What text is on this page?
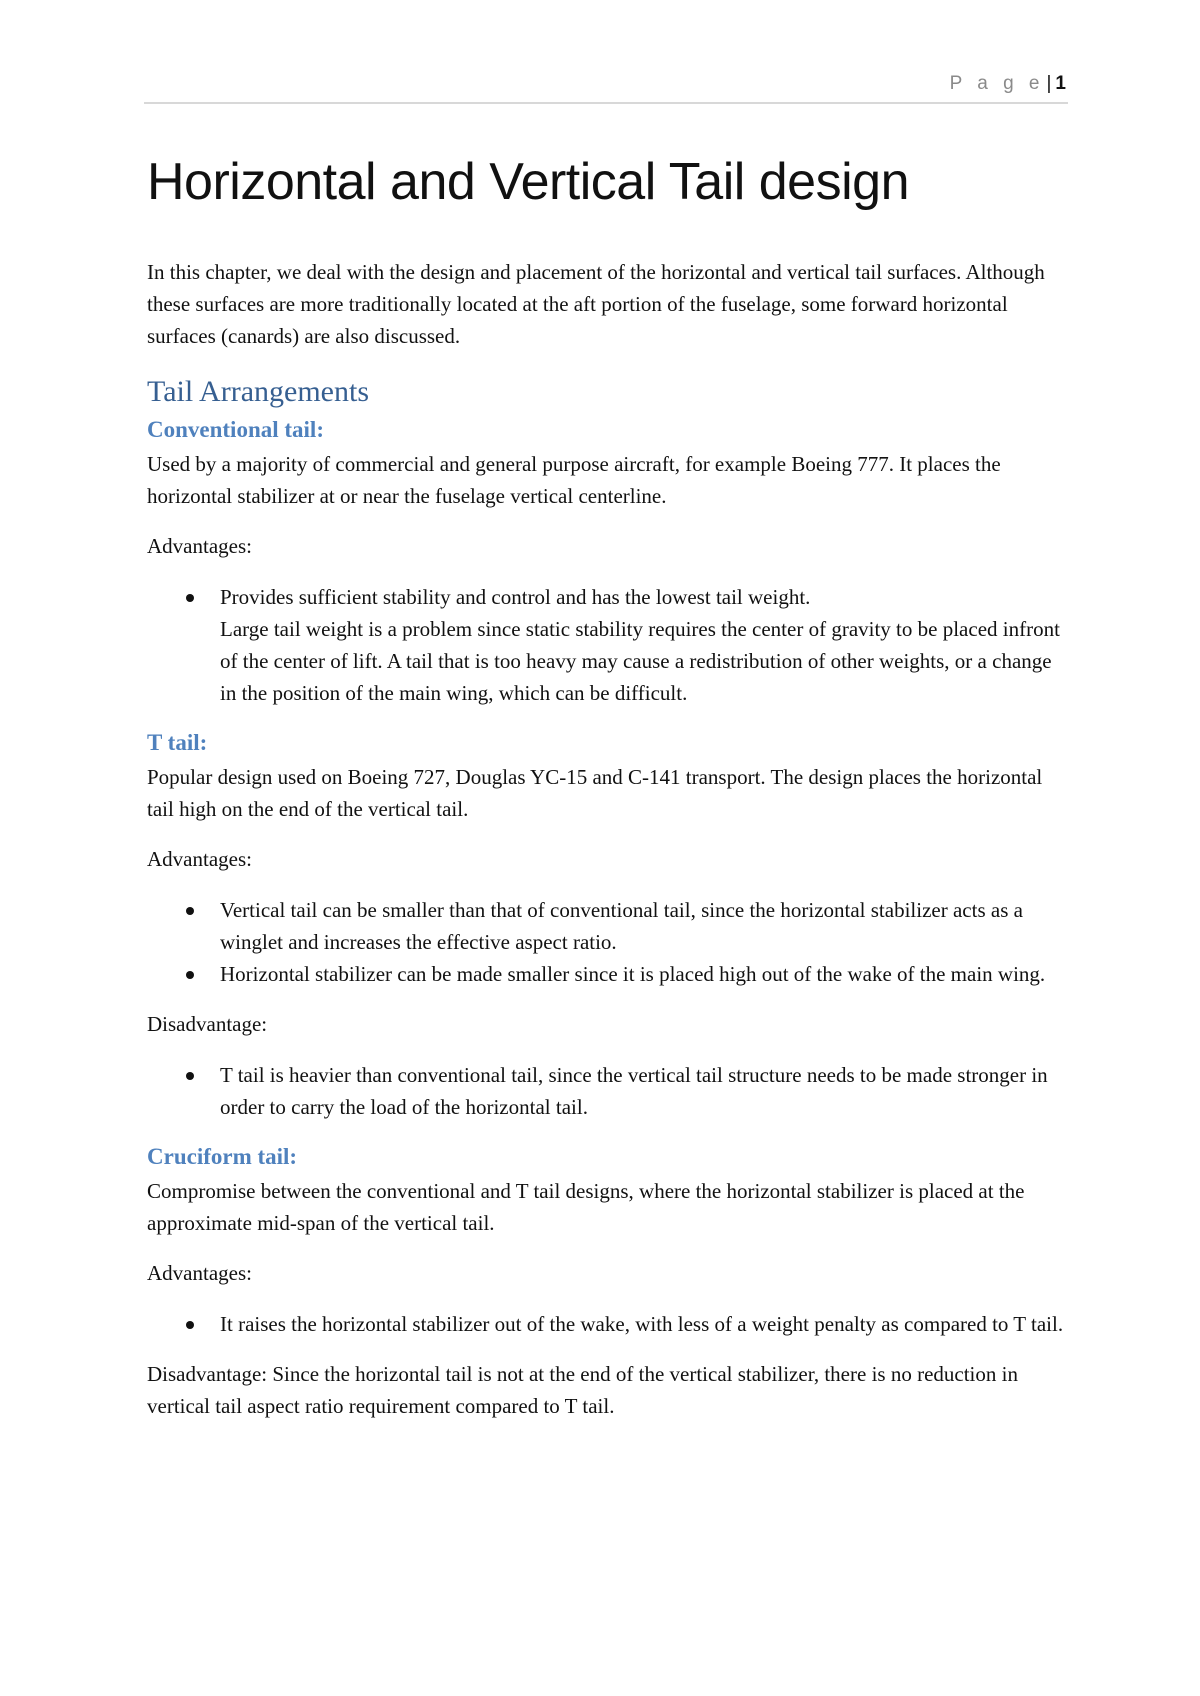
P a g e | 1
Horizontal and Vertical Tail design

In this chapter, we deal with the design and placement of the horizontal and vertical tail surfaces. Although these surfaces are more traditionally located at the aft portion of the fuselage, some forward horizontal surfaces (canards) are also discussed.

Tail Arrangements
Conventional tail:

Used by a majority of commercial and general purpose aircraft, for example Boeing 777. It places the horizontal stabilizer at or near the fuselage vertical centerline.

Advantages:

Provides sufficient stability and control and has the lowest tail weight.
Large tail weight is a problem since static stability requires the center of gravity to be placed infront of the center of lift. A tail that is too heavy may cause a redistribution of other weights, or a change in the position of the main wing, which can be difficult.
T tail:

Popular design used on Boeing 727, Douglas YC-15 and C-141 transport. The design places the horizontal tail high on the end of the vertical tail.

Advantages:

Vertical tail can be smaller than that of conventional tail, since the horizontal stabilizer acts as a winglet and increases the effective aspect ratio.
Horizontal stabilizer can be made smaller since it is placed high out of the wake of the main wing.

Disadvantage:

T tail is heavier than conventional tail, since the vertical tail structure needs to be made stronger in order to carry the load of the horizontal tail.
Cruciform tail:

Compromise between the conventional and T tail designs, where the horizontal stabilizer is placed at the approximate mid-span of the vertical tail.

Advantages:

It raises the horizontal stabilizer out of the wake, with less of a weight penalty as compared to T tail.

Disadvantage: Since the horizontal tail is not at the end of the vertical stabilizer, there is no reduction in vertical tail aspect ratio requirement compared to T tail.
